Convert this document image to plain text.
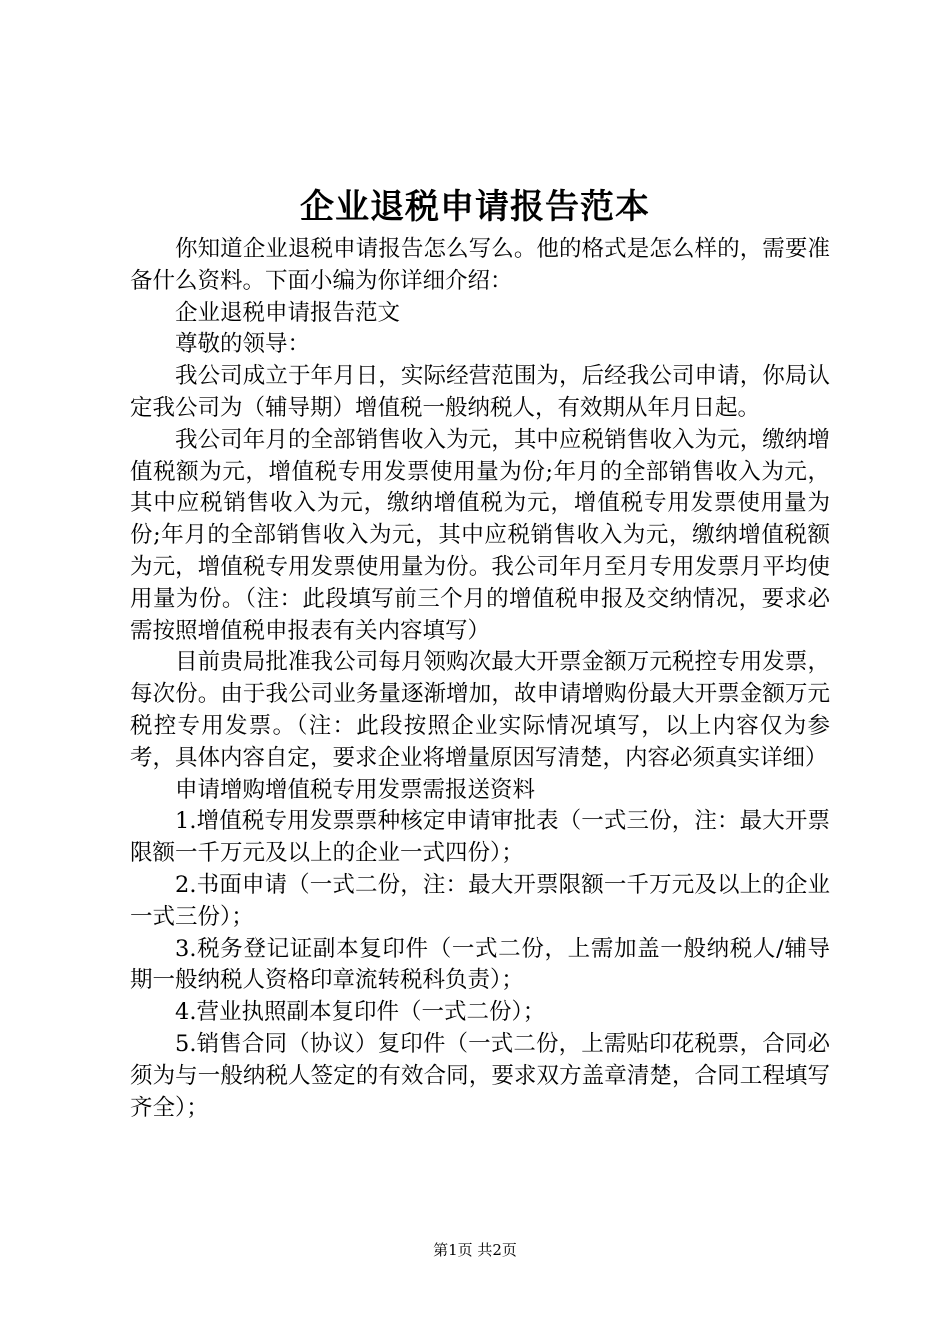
企业退税申请报告范本

你知道企业退税申请报告怎么写么。他的格式是怎么样的，需要准备什么资料。下面小编为你详细介绍：

企业退税申请报告范文

尊敬的领导：

我公司成立于年月日，实际经营范围为，后经我公司申请，你局认定我公司为（辅导期）增值税一般纳税人，有效期从年月日起。

我公司年月的全部销售收入为元，其中应税销售收入为元，缴纳增值税额为元，增值税专用发票使用量为份;年月的全部销售收入为元，其中应税销售收入为元，缴纳增值税为元，增值税专用发票使用量为份;年月的全部销售收入为元，其中应税销售收入为元，缴纳增值税额为元，增值税专用发票使用量为份。我公司年月至月专用发票月平均使用量为份。（注：此段填写前三个月的增值税申报及交纳情况，要求必需按照增值税申报表有关内容填写）

目前贵局批准我公司每月领购次最大开票金额万元税控专用发票，每次份。由于我公司业务量逐渐增加，故申请增购份最大开票金额万元税控专用发票。（注：此段按照企业实际情况填写，以上内容仅为参考，具体内容自定，要求企业将增量原因写清楚，内容必须真实详细）

申请增购增值税专用发票需报送资料

1.增值税专用发票票种核定申请审批表（一式三份，注：最大开票限额一千万元及以上的企业一式四份）；

2.书面申请（一式二份，注：最大开票限额一千万元及以上的企业一式三份）；

3.税务登记证副本复印件（一式二份，上需加盖一般纳税人/辅导期一般纳税人资格印章流转税科负责）；

4.营业执照副本复印件（一式二份）；

5.销售合同（协议）复印件（一式二份，上需贴印花税票，合同必须为与一般纳税人签定的有效合同，要求双方盖章清楚，合同工程填写齐全）；

第1页 共2页
